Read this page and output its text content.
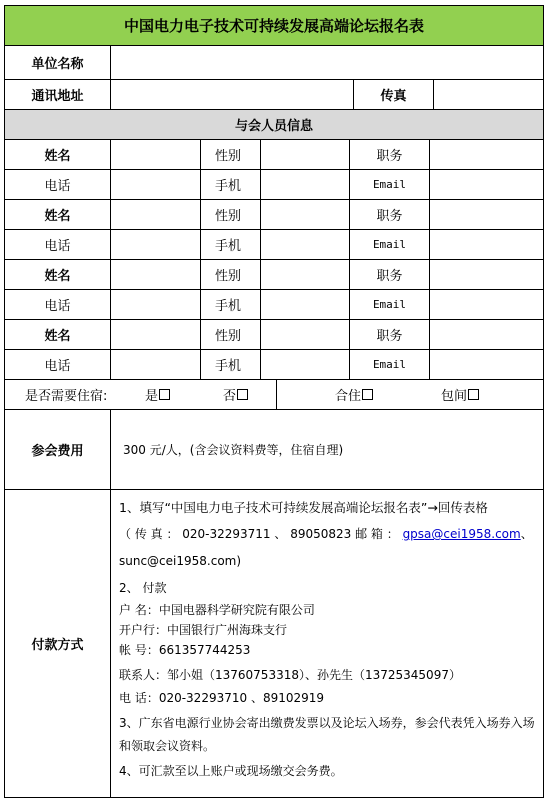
中国电力电子技术可持续发展高端论坛报名表
单位名称
通讯地址	传真
与会人员信息
姓名	性别	职务
电话	手机	Email
姓名	性别	职务
电话	手机	Email
姓名	性别	职务
电话	手机	Email
姓名	性别	职务
电话	手机	Email
是否需要住宿:	是	否	合住	包间
参会费用	300 元/人，(含会议资料费等，住宿自理)
付款方式

1、填写“中国电力电子技术可持续发展高端论坛报名表”→回传表格

（ 传 真 ： 020-32293711 、 89050823 邮 箱 ： gpsa@cei1958.com、

sunc@cei1958.com)

2、 付款

户 名：中国电器科学研究院有限公司

开户行：中国银行广州海珠支行

帐 号：661357744253

联系人：邹小姐（13760753318）、孙先生（13725345097）

电 话：020-32293710 、89102919

3、广东省电源行业协会寄出缴费发票以及论坛入场券，参会代表凭入场券入场和领取会议资料。

4、可汇款至以上账户或现场缴交会务费。
